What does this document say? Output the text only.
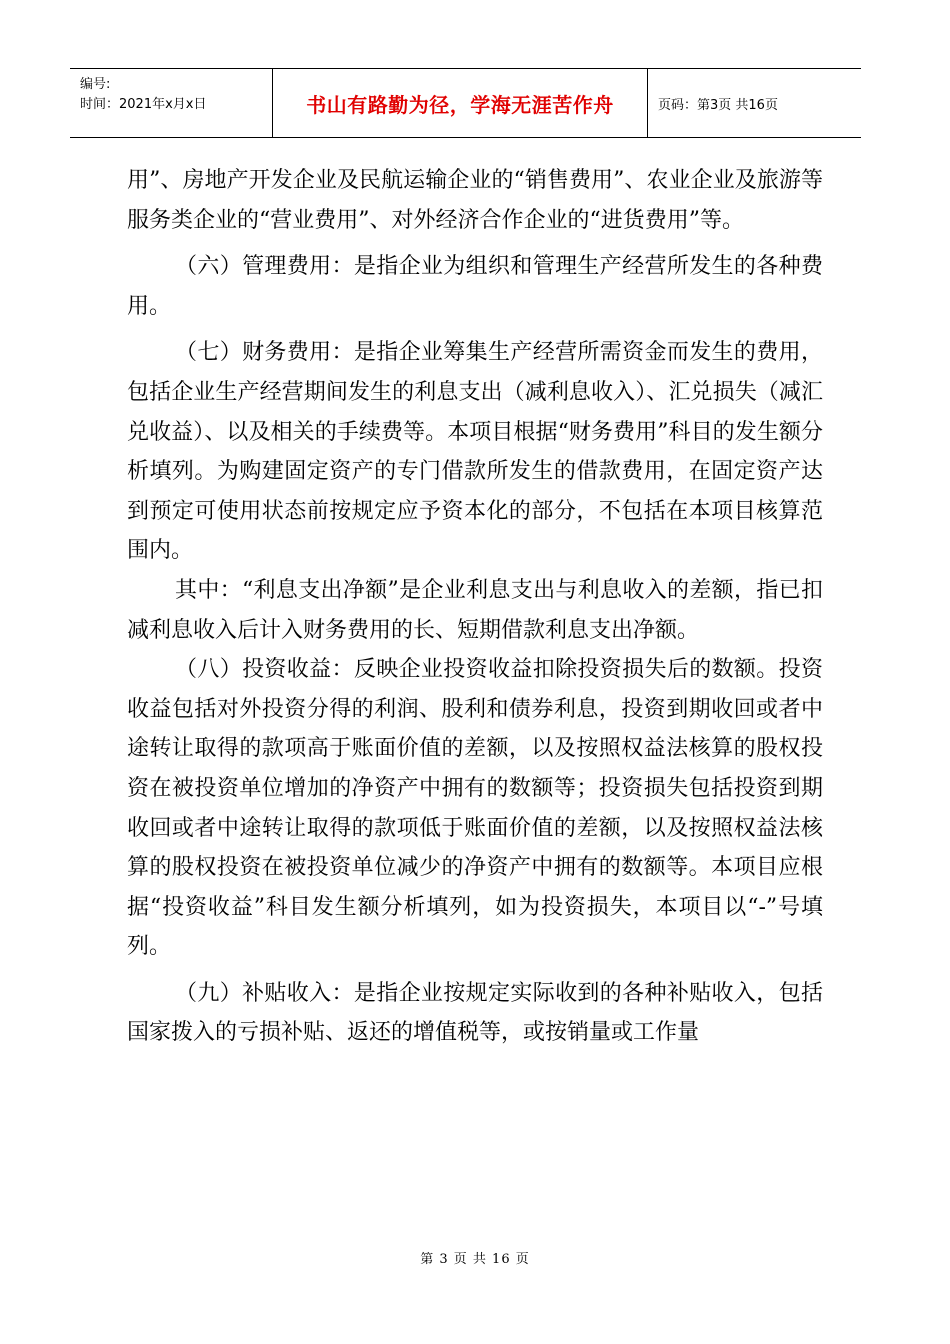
编号:
时间：2021年x月x日	书山有路勤为径，学海无涯苦作舟	页码：第3页 共16页

用”、房地产开发企业及民航运输企业的“销售费用”、农业企业及旅游等服务类企业的“营业费用”、对外经济合作企业的“进货费用”等。

（六）管理费用：是指企业为组织和管理生产经营所发生的各种费用。

（七）财务费用：是指企业筹集生产经营所需资金而发生的费用，包括企业生产经营期间发生的利息支出（减利息收入）、汇兑损失（减汇兑收益）、以及相关的手续费等。本项目根据“财务费用”科目的发生额分析填列。为购建固定资产的专门借款所发生的借款费用，在固定资产达到预定可使用状态前按规定应予资本化的部分，不包括在本项目核算范围内。

其中：“利息支出净额”是企业利息支出与利息收入的差额，指已扣减利息收入后计入财务费用的长、短期借款利息支出净额。

（八）投资收益：反映企业投资收益扣除投资损失后的数额。投资收益包括对外投资分得的利润、股利和债券利息，投资到期收回或者中途转让取得的款项高于账面价值的差额，以及按照权益法核算的股权投资在被投资单位增加的净资产中拥有的数额等；投资损失包括投资到期收回或者中途转让取得的款项低于账面价值的差额，以及按照权益法核算的股权投资在被投资单位减少的净资产中拥有的数额等。本项目应根据“投资收益”科目发生额分析填列，如为投资损失，本项目以“-”号填列。

（九）补贴收入：是指企业按规定实际收到的各种补贴收入，包括国家拨入的亏损补贴、返还的增值税等，或按销量或工作量

第 3 页 共 16 页
